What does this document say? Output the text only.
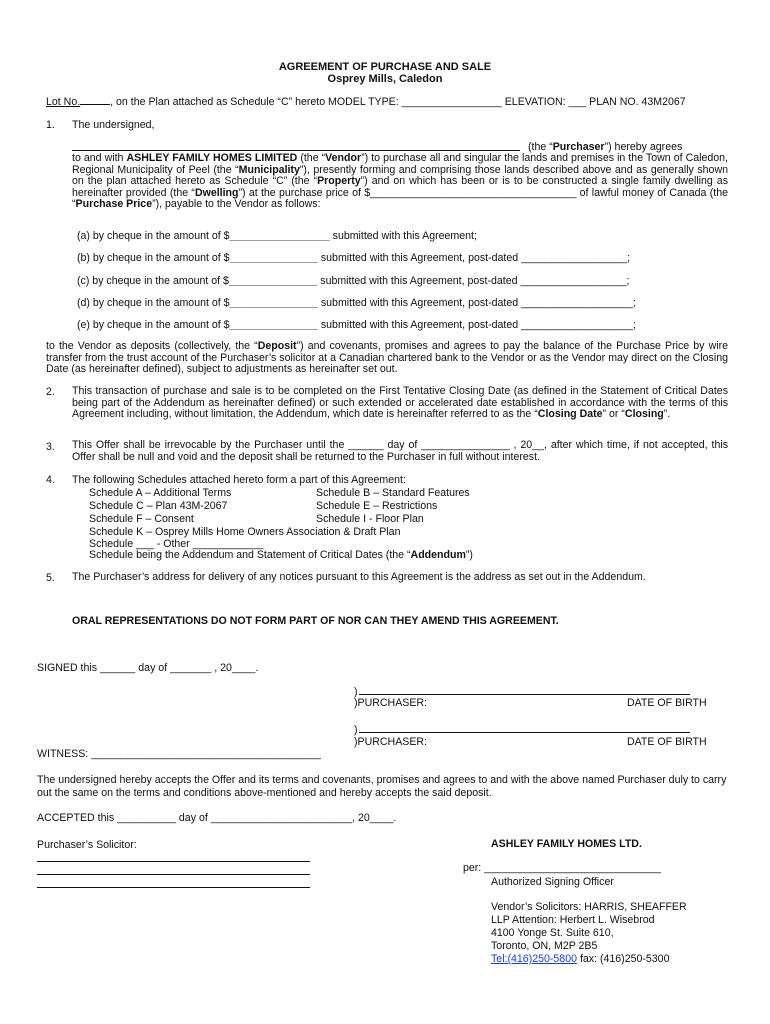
AGREEMENT OF PURCHASE AND SALE
Osprey Mills, Caledon
Lot No.	, on the Plan attached as Schedule “C” hereto MODEL TYPE: _________________ ELEVATION: ___ PLAN NO. 43M2067
1. The undersigned,
(the “Purchaser”) hereby agrees
to and with ASHLEY FAMILY HOMES LIMITED (the “Vendor”) to purchase all and singular the lands and premises in the Town of Caledon, Regional Municipality of Peel (the “Municipality”), presently forming and comprising those lands described above and as generally shown on the plan attached hereto as Schedule “C” (the “Property”) and on which has been or is to be constructed a single family dwelling as hereinafter provided (the “Dwelling”) at the purchase price of $___________________________________ of lawful money of Canada (the “Purchase Price”), payable to the Vendor as follows:
(a) by cheque in the amount of $_________________ submitted with this Agreement;
(b) by cheque in the amount of $_______________ submitted with this Agreement, post-dated __________________;
(c) by cheque in the amount of $_______________ submitted with this Agreement, post-dated __________________;
(d) by cheque in the amount of $_______________ submitted with this Agreement, post-dated ___________________;
(e) by cheque in the amount of $_______________ submitted with this Agreement, post-dated ___________________;
to the Vendor as deposits (collectively, the “Deposit”) and covenants, promises and agrees to pay the balance of the Purchase Price by wire transfer from the trust account of the Purchaser’s solicitor at a Canadian chartered bank to the Vendor or as the Vendor may direct on the Closing Date (as hereinafter defined), subject to adjustments as hereinafter set out.
2. This transaction of purchase and sale is to be completed on the First Tentative Closing Date (as defined in the Statement of Critical Dates being part of the Addendum as hereinafter defined) or such extended or accelerated date established in accordance with the terms of this Agreement including, without limitation, the Addendum, which date is hereinafter referred to as the “Closing Date” or “Closing”.
3. This Offer shall be irrevocable by the Purchaser until the ______ day of _______________ , 20__, after which time, if not accepted, this Offer shall be null and void and the deposit shall be returned to the Purchaser in full without interest.
4. The following Schedules attached hereto form a part of this Agreement:
Schedule A – Additional Terms	Schedule B – Standard Features
Schedule C – Plan 43M-2067	Schedule E – Restrictions
Schedule F – Consent	Schedule I - Floor Plan
Schedule K – Osprey Mills Home Owners Association & Draft Plan
Schedule ___ - Other ____________
Schedule being the Addendum and Statement of Critical Dates (the “Addendum”)
5. The Purchaser’s address for delivery of any notices pursuant to this Agreement is the address as set out in the Addendum.
ORAL REPRESENTATIONS DO NOT FORM PART OF NOR CAN THEY AMEND THIS AGREEMENT.
SIGNED this ______ day of _______ , 20____.
)
)PURCHASER:	DATE OF BIRTH
)
)PURCHASER:	DATE OF BIRTH
WITNESS: _______________________________________
The undersigned hereby accepts the Offer and its terms and covenants, promises and agrees to and with the above named Purchaser duly to carry out the same on the terms and conditions above-mentioned and hereby accepts the said deposit.
ACCEPTED this __________ day of ________________________, 20____.
Purchaser’s Solicitor:	ASHLEY FAMILY HOMES LTD.
per: ______________________________
Authorized Signing Officer
Vendor’s Solicitors: HARRIS, SHEAFFER
LLP Attention: Herbert L. Wisebrod
4100 Yonge St. Suite 610,
Toronto, ON, M2P 2B5
Tel:(416)250-5800 fax: (416)250-5300
